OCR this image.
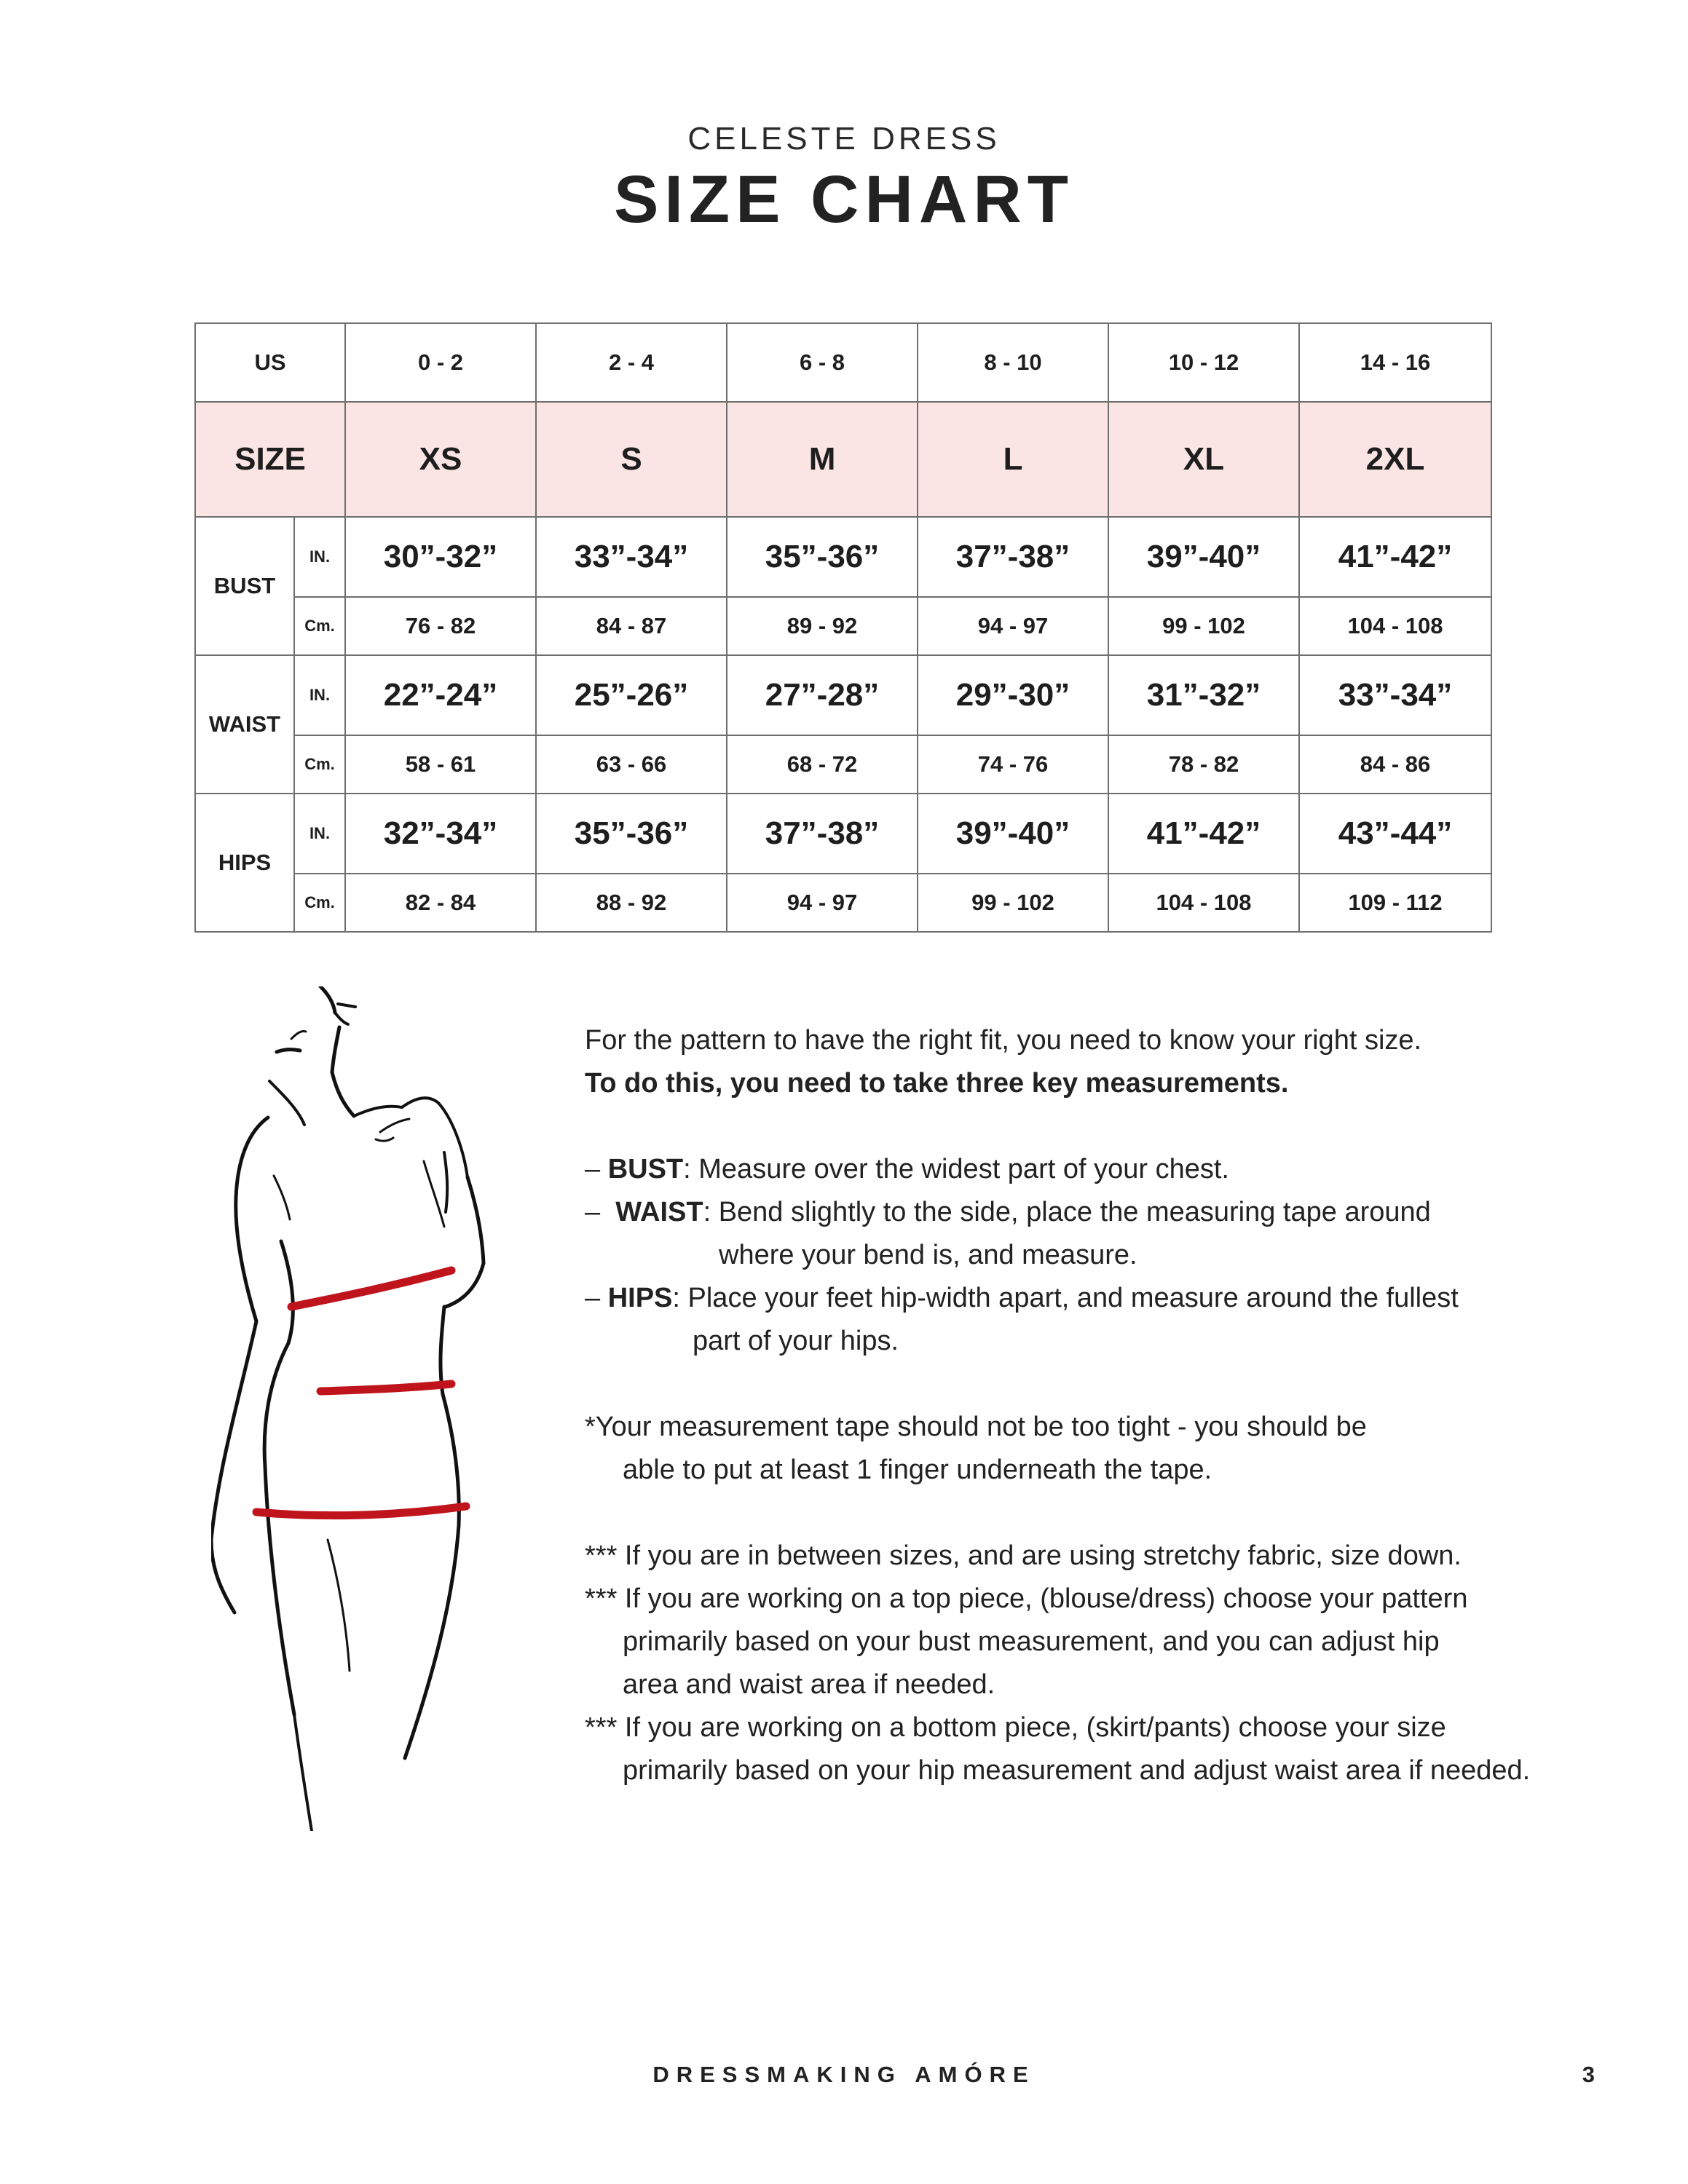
CELESTE DRESS
SIZE CHART
US		0 - 2	2 - 4	6 - 8	8 - 10	10 - 12	14 - 16
SIZE		XS	S	M	L	XL	2XL
BUST	IN.	30”-32”	33”-34”	35”-36”	37”-38”	39”-40”	41”-42”
	Cm.	76 - 82	84 - 87	89 - 92	94 - 97	99 - 102	104 - 108
WAIST	IN.	22”-24”	25”-26”	27”-28”	29”-30”	31”-32”	33”-34”
	Cm.	58 - 61	63 - 66	68 - 72	74 - 76	78 - 82	84 - 86
HIPS	IN.	32”-34”	35”-36”	37”-38”	39”-40”	41”-42”	43”-44”
	Cm.	82 - 84	88 - 92	94 - 97	99 - 102	104 - 108	109 - 112

For the pattern to have the right fit, you need to know your right size.

To do this, you need to take three key measurements.

– BUST: Measure over the widest part of your chest.

–  WAIST: Bend slightly to the side, place the measuring tape around

where your bend is, and measure.

– HIPS: Place your feet hip-width apart, and measure around the fullest

part of your hips.

*Your measurement tape should not be too tight - you should be

able to put at least 1 finger underneath the tape.

*** If you are in between sizes, and are using stretchy fabric, size down.

*** If you are working on a top piece, (blouse/dress) choose your pattern

primarily based on your bust measurement, and you can adjust hip

area and waist area if needed.

*** If you are working on a bottom piece, (skirt/pants) choose your size

primarily based on your hip measurement and adjust waist area if needed.

DRESSMAKING AMÓRE	3
